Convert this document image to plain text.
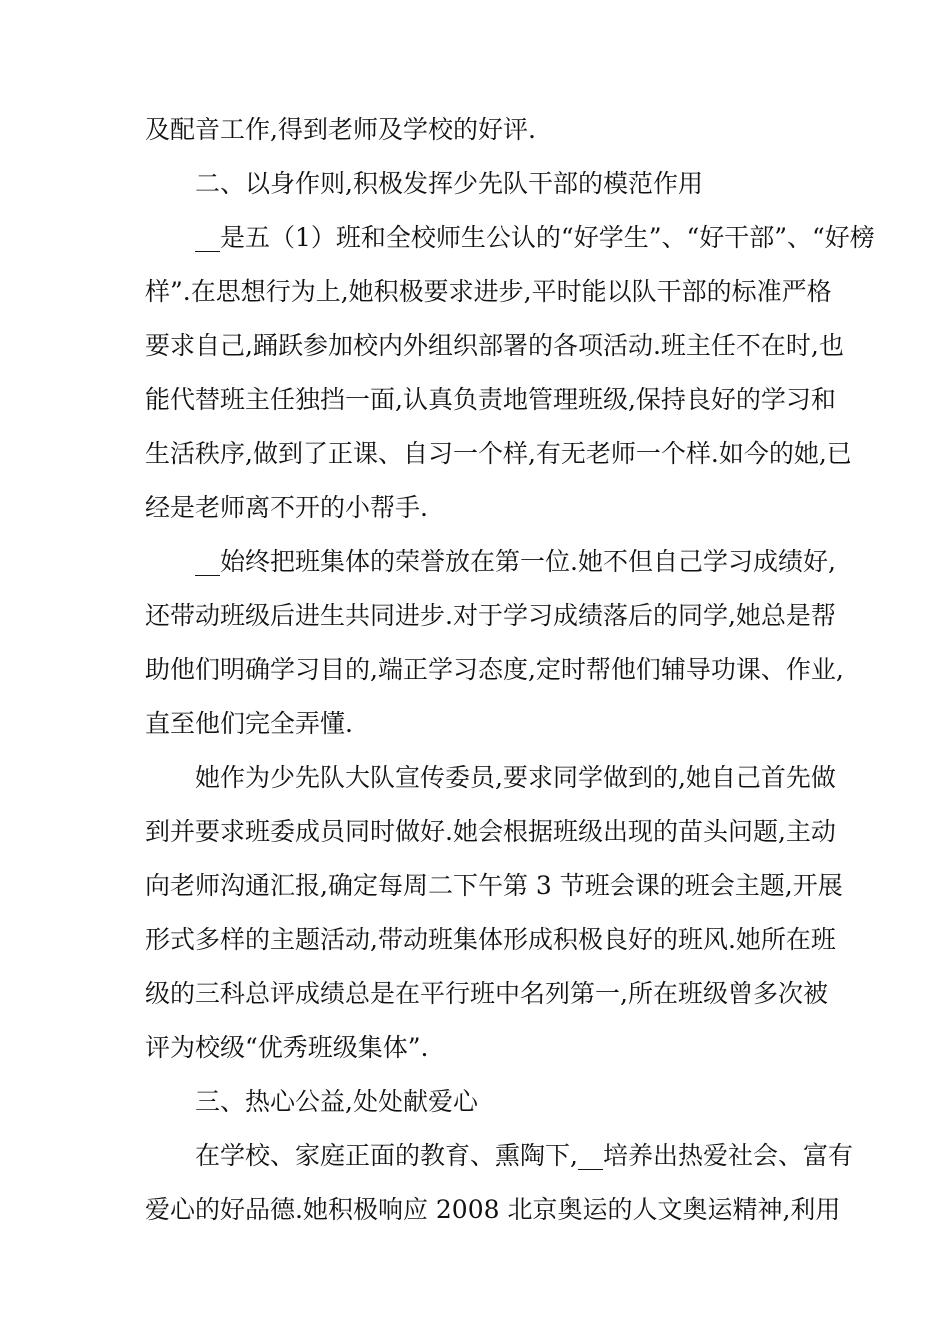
及配音工作,得到老师及学校的好评.
二、以身作则,积极发挥少先队干部的模范作用
__是五（1）班和全校师生公认的“好学生”、“好干部”、“好榜
样”.在思想行为上,她积极要求进步,平时能以队干部的标准严格
要求自己,踊跃参加校内外组织部署的各项活动.班主任不在时,也
能代替班主任独挡一面,认真负责地管理班级,保持良好的学习和
生活秩序,做到了正课、自习一个样,有无老师一个样.如今的她,已
经是老师离不开的小帮手.
__始终把班集体的荣誉放在第一位.她不但自己学习成绩好,
还带动班级后进生共同进步.对于学习成绩落后的同学,她总是帮
助他们明确学习目的,端正学习态度,定时帮他们辅导功课、作业,
直至他们完全弄懂.
她作为少先队大队宣传委员,要求同学做到的,她自己首先做
到并要求班委成员同时做好.她会根据班级出现的苗头问题,主动
向老师沟通汇报,确定每周二下午第 3 节班会课的班会主题,开展
形式多样的主题活动,带动班集体形成积极良好的班风.她所在班
级的三科总评成绩总是在平行班中名列第一,所在班级曾多次被
评为校级“优秀班级集体”.
三、热心公益,处处献爱心
在学校、家庭正面的教育、熏陶下,__培养出热爱社会、富有
爱心的好品德.她积极响应 2008 北京奥运的人文奥运精神,利用
